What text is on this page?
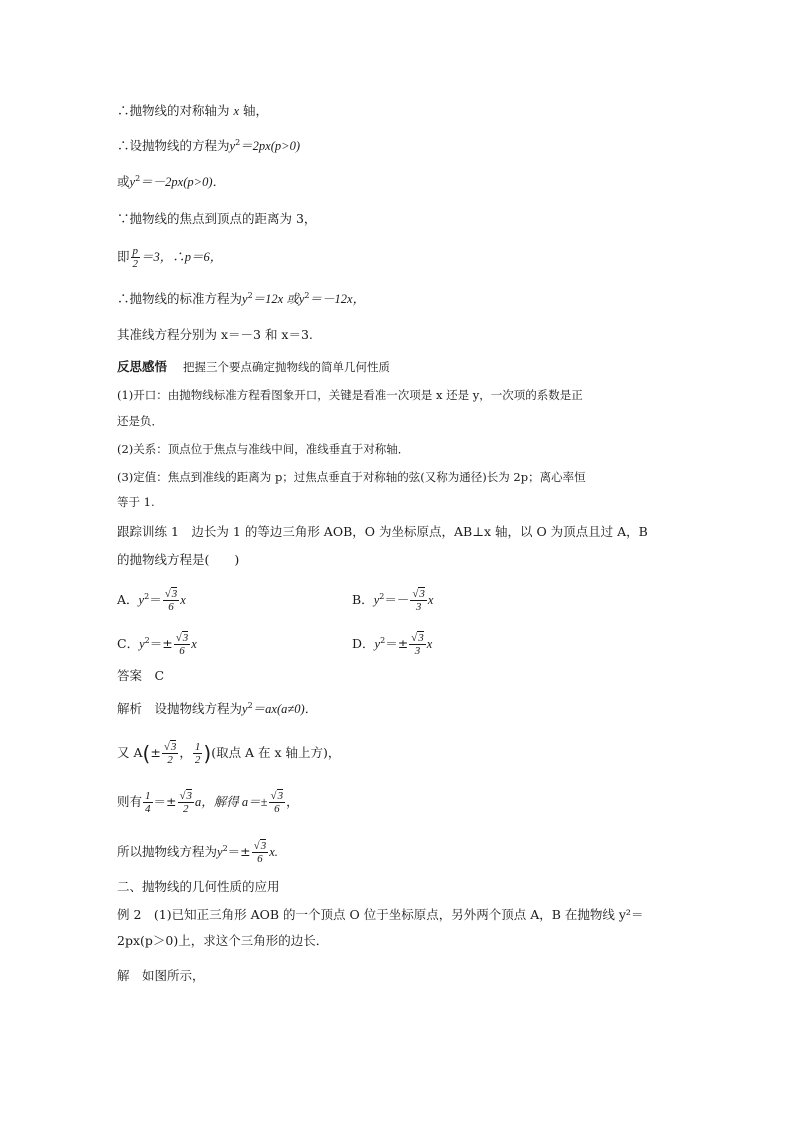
∴抛物线的对称轴为 x 轴，
∴设抛物线的方程为$y^2=2px(p>0)$
或$y^2=-2px(p>0)$．
∵抛物线的焦点到顶点的距离为 3，
即 $\frac{p}{2} =3$，∴p＝6，
∴抛物线的标准方程为$y^2=12x$ 或$y^2=-12x$，
其准线方程分别为 x＝－3 和 x＝3.
反思感悟 把握三个要点确定抛物线的简单几何性质
(1)开口：由抛物线标准方程看图象开口，关键是看准一次项是 x 还是 y，一次项的系数是正
还是负．
(2)关系：顶点位于焦点与准线中间，准线垂直于对称轴．
(3)定值：焦点到准线的距离为 p；过焦点垂直于对称轴的弦(又称为通径)长为 2p；离心率恒
等于 1.
跟踪训练 1　边长为 1 的等边三角形 AOB，O 为坐标原点，AB⊥x 轴，以 O 为顶点且过 A，B
的抛物线方程是(　　)
A．$y^2= \frac{√3}{6}$ x	B．$y^2=- \frac{√3}{3}$ x
C．$y^2=\pm \frac{√3}{6}$ x	D．$y^2=\pm \frac{√3}{3}$ x
答案　C
解析　设抛物线方程为$y^2=ax(a\ne 0)$．
又 $A(\pm \frac{√3}{2}$ ， $\frac{1}{2}$ )(取点 A 在 x 轴上方)，
则有 $\frac{1}{4} =\pm \frac{√3}{2}$ a，解得 $a=\pm \frac{√3}{6}$ ，
所以抛物线方程为$y^2=\pm \frac{√3}{6} x$.
二、抛物线的几何性质的应用
例 2　(1)已知正三角形 AOB 的一个顶点 O 位于坐标原点，另外两个顶点 A，B 在抛物线 y²＝
2px(p＞0)上，求这个三角形的边长．
解　如图所示，
